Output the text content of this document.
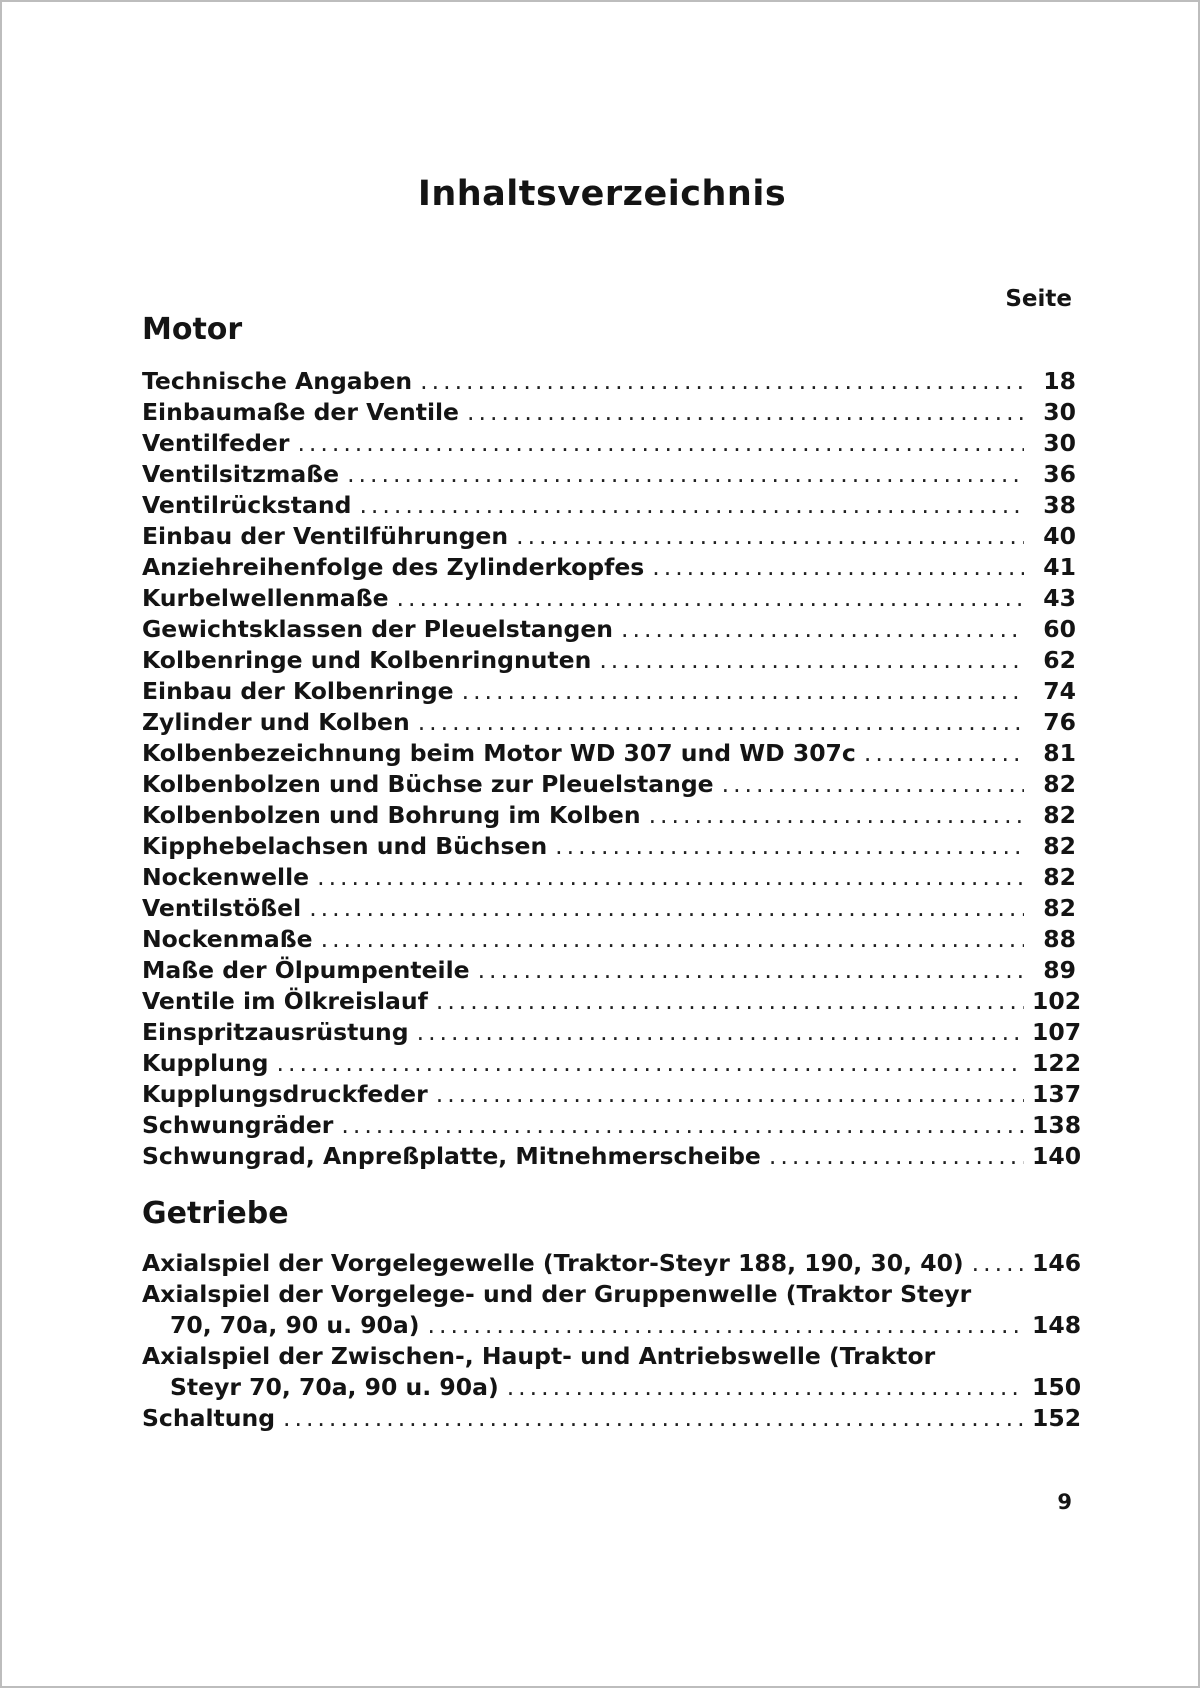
Inhaltsverzeichnis
Seite
Motor
Technische Angaben .....	18
Einbaumaße der Ventile .....	30
Ventilfeder .....	30
Ventilsitzmaße .....	36
Ventilrückstand .....	38
Einbau der Ventilführungen .....	40
Anziehreihenfolge des Zylinderkopfes .....	41
Kurbelwellenmaße .....	43
Gewichtsklassen der Pleuelstangen .....	60
Kolbenringe und Kolbenringnuten .....	62
Einbau der Kolbenringe .....	74
Zylinder und Kolben .....	76
Kolbenbezeichnung beim Motor WD 307 und WD 307c .....	81
Kolbenbolzen und Büchse zur Pleuelstange .....	82
Kolbenbolzen und Bohrung im Kolben .....	82
Kipphebelachsen und Büchsen .....	82
Nockenwelle .....	82
Ventilstößel .....	82
Nockenmaße .....	88
Maße der Ölpumpenteile .....	89
Ventile im Ölkreislauf .....	102
Einspritzausrüstung .....	107
Kupplung .....	122
Kupplungsdruckfeder .....	137
Schwungräder .....	138
Schwungrad, Anpreßplatte, Mitnehmerscheibe .....	140
Getriebe
Axialspiel der Vorgelegewelle (Traktor-Steyr 188, 190, 30, 40) .....	146
Axialspiel der Vorgelege- und der Gruppenwelle (Traktor Steyr
70, 70a, 90 u. 90a) .....	148
Axialspiel der Zwischen-, Haupt- und Antriebswelle (Traktor
Steyr 70, 70a, 90 u. 90a) .....	150
Schaltung .....	152
9
